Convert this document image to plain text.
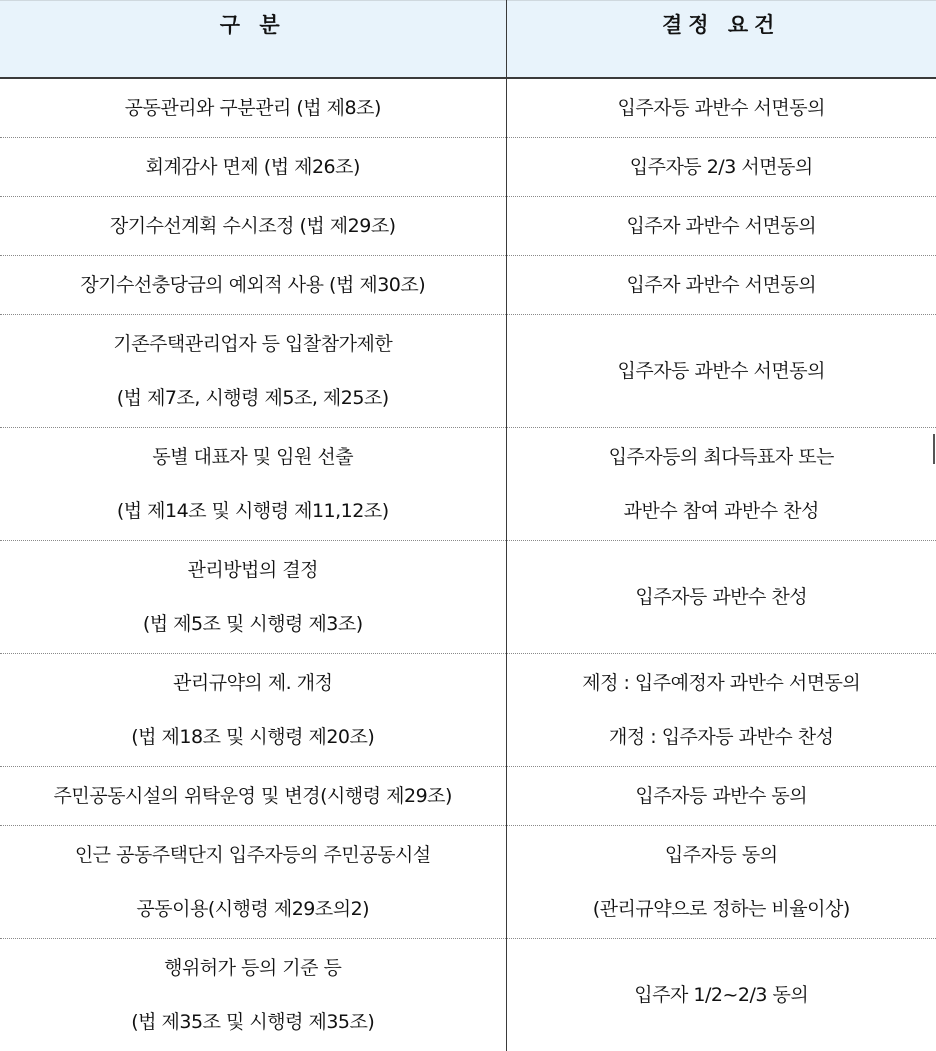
구 분	결정 요건

공동관리와 구분관리 (법 제8조)	입주자등 과반수 서면동의

회계감사 면제 (법 제26조)	입주자등 2/3 서면동의

장기수선계획 수시조정 (법 제29조)	입주자 과반수 서면동의

장기수선충당금의 예외적 사용 (법 제30조)	입주자 과반수 서면동의

기존주택관리업자 등 입찰참가제한
(법 제7조, 시행령 제5조, 제25조)	입주자등 과반수 서면동의

동별 대표자 및 임원 선출
(법 제14조 및 시행령 제11,12조)	입주자등의 최다득표자 또는
과반수 참여 과반수 찬성

관리방법의 결정
(법 제5조 및 시행령 제3조)	입주자등 과반수 찬성

관리규약의 제. 개정
(법 제18조 및 시행령 제20조)	제정 : 입주예정자 과반수 서면동의
개정 : 입주자등 과반수 찬성

주민공동시설의 위탁운영 및 변경(시행령 제29조)	입주자등 과반수 동의

인근 공동주택단지 입주자등의 주민공동시설
공동이용(시행령 제29조의2)	입주자등 동의
(관리규약으로 정하는 비율이상)

행위허가 등의 기준 등
(법 제35조 및 시행령 제35조)	입주자 1/2~2/3 동의
